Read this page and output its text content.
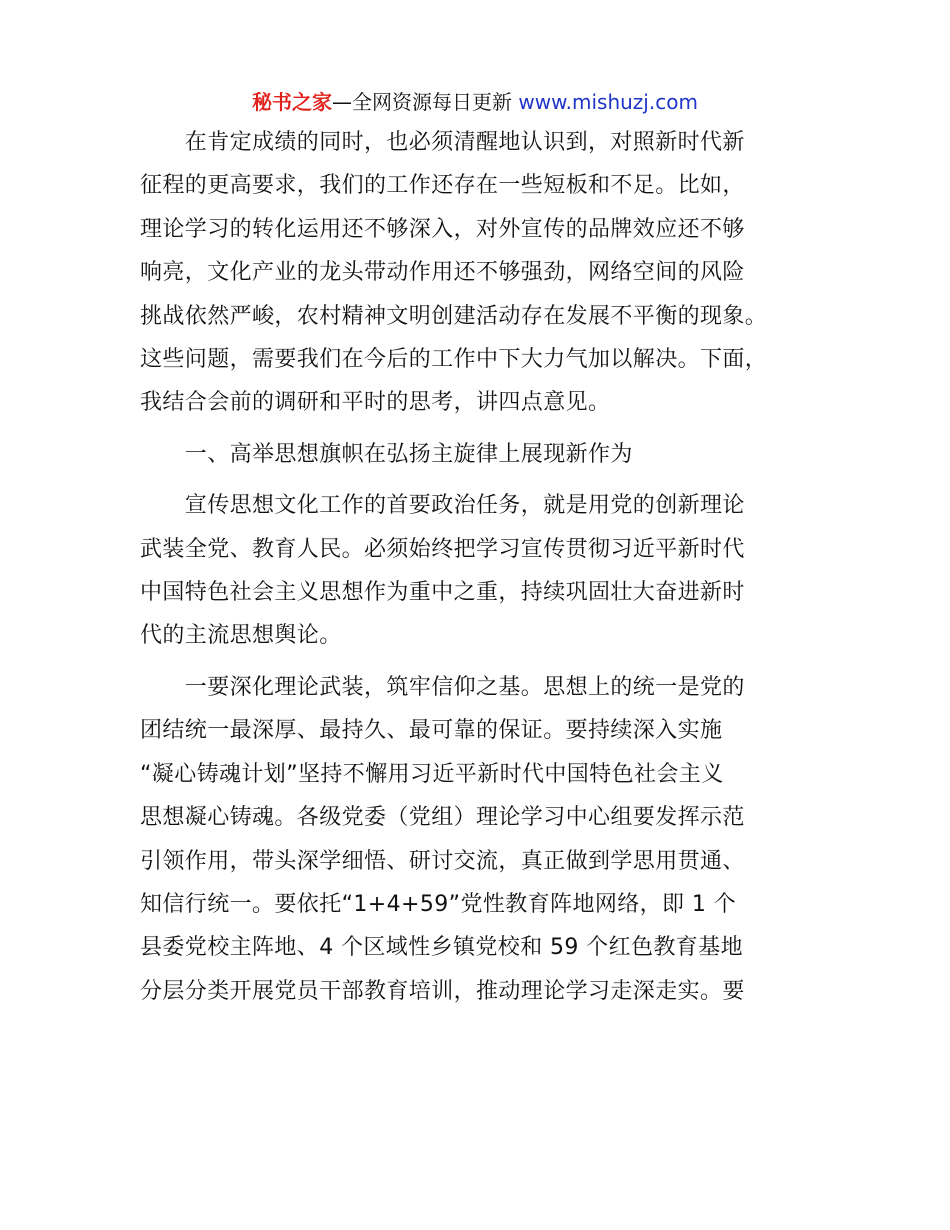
秘书之家—全网资源每日更新 www.mishuzj.com
　　在肯定成绩的同时，也必须清醒地认识到，对照新时代新
征程的更高要求，我们的工作还存在一些短板和不足。比如，
理论学习的转化运用还不够深入，对外宣传的品牌效应还不够
响亮，文化产业的龙头带动作用还不够强劲，网络空间的风险
挑战依然严峻，农村精神文明创建活动存在发展不平衡的现象。
这些问题，需要我们在今后的工作中下大力气加以解决。下面，
我结合会前的调研和平时的思考，讲四点意见。
　　一、高举思想旗帜在弘扬主旋律上展现新作为
　　宣传思想文化工作的首要政治任务，就是用党的创新理论
武装全党、教育人民。必须始终把学习宣传贯彻习近平新时代
中国特色社会主义思想作为重中之重，持续巩固壮大奋进新时
代的主流思想舆论。
　　一要深化理论武装，筑牢信仰之基。思想上的统一是党的
团结统一最深厚、最持久、最可靠的保证。要持续深入实施
“凝心铸魂计划”坚持不懈用习近平新时代中国特色社会主义
思想凝心铸魂。各级党委（党组）理论学习中心组要发挥示范
引领作用，带头深学细悟、研讨交流，真正做到学思用贯通、
知信行统一。要依托“1+4+59”党性教育阵地网络，即 1 个
县委党校主阵地、4 个区域性乡镇党校和 59 个红色教育基地
分层分类开展党员干部教育培训，推动理论学习走深走实。要
